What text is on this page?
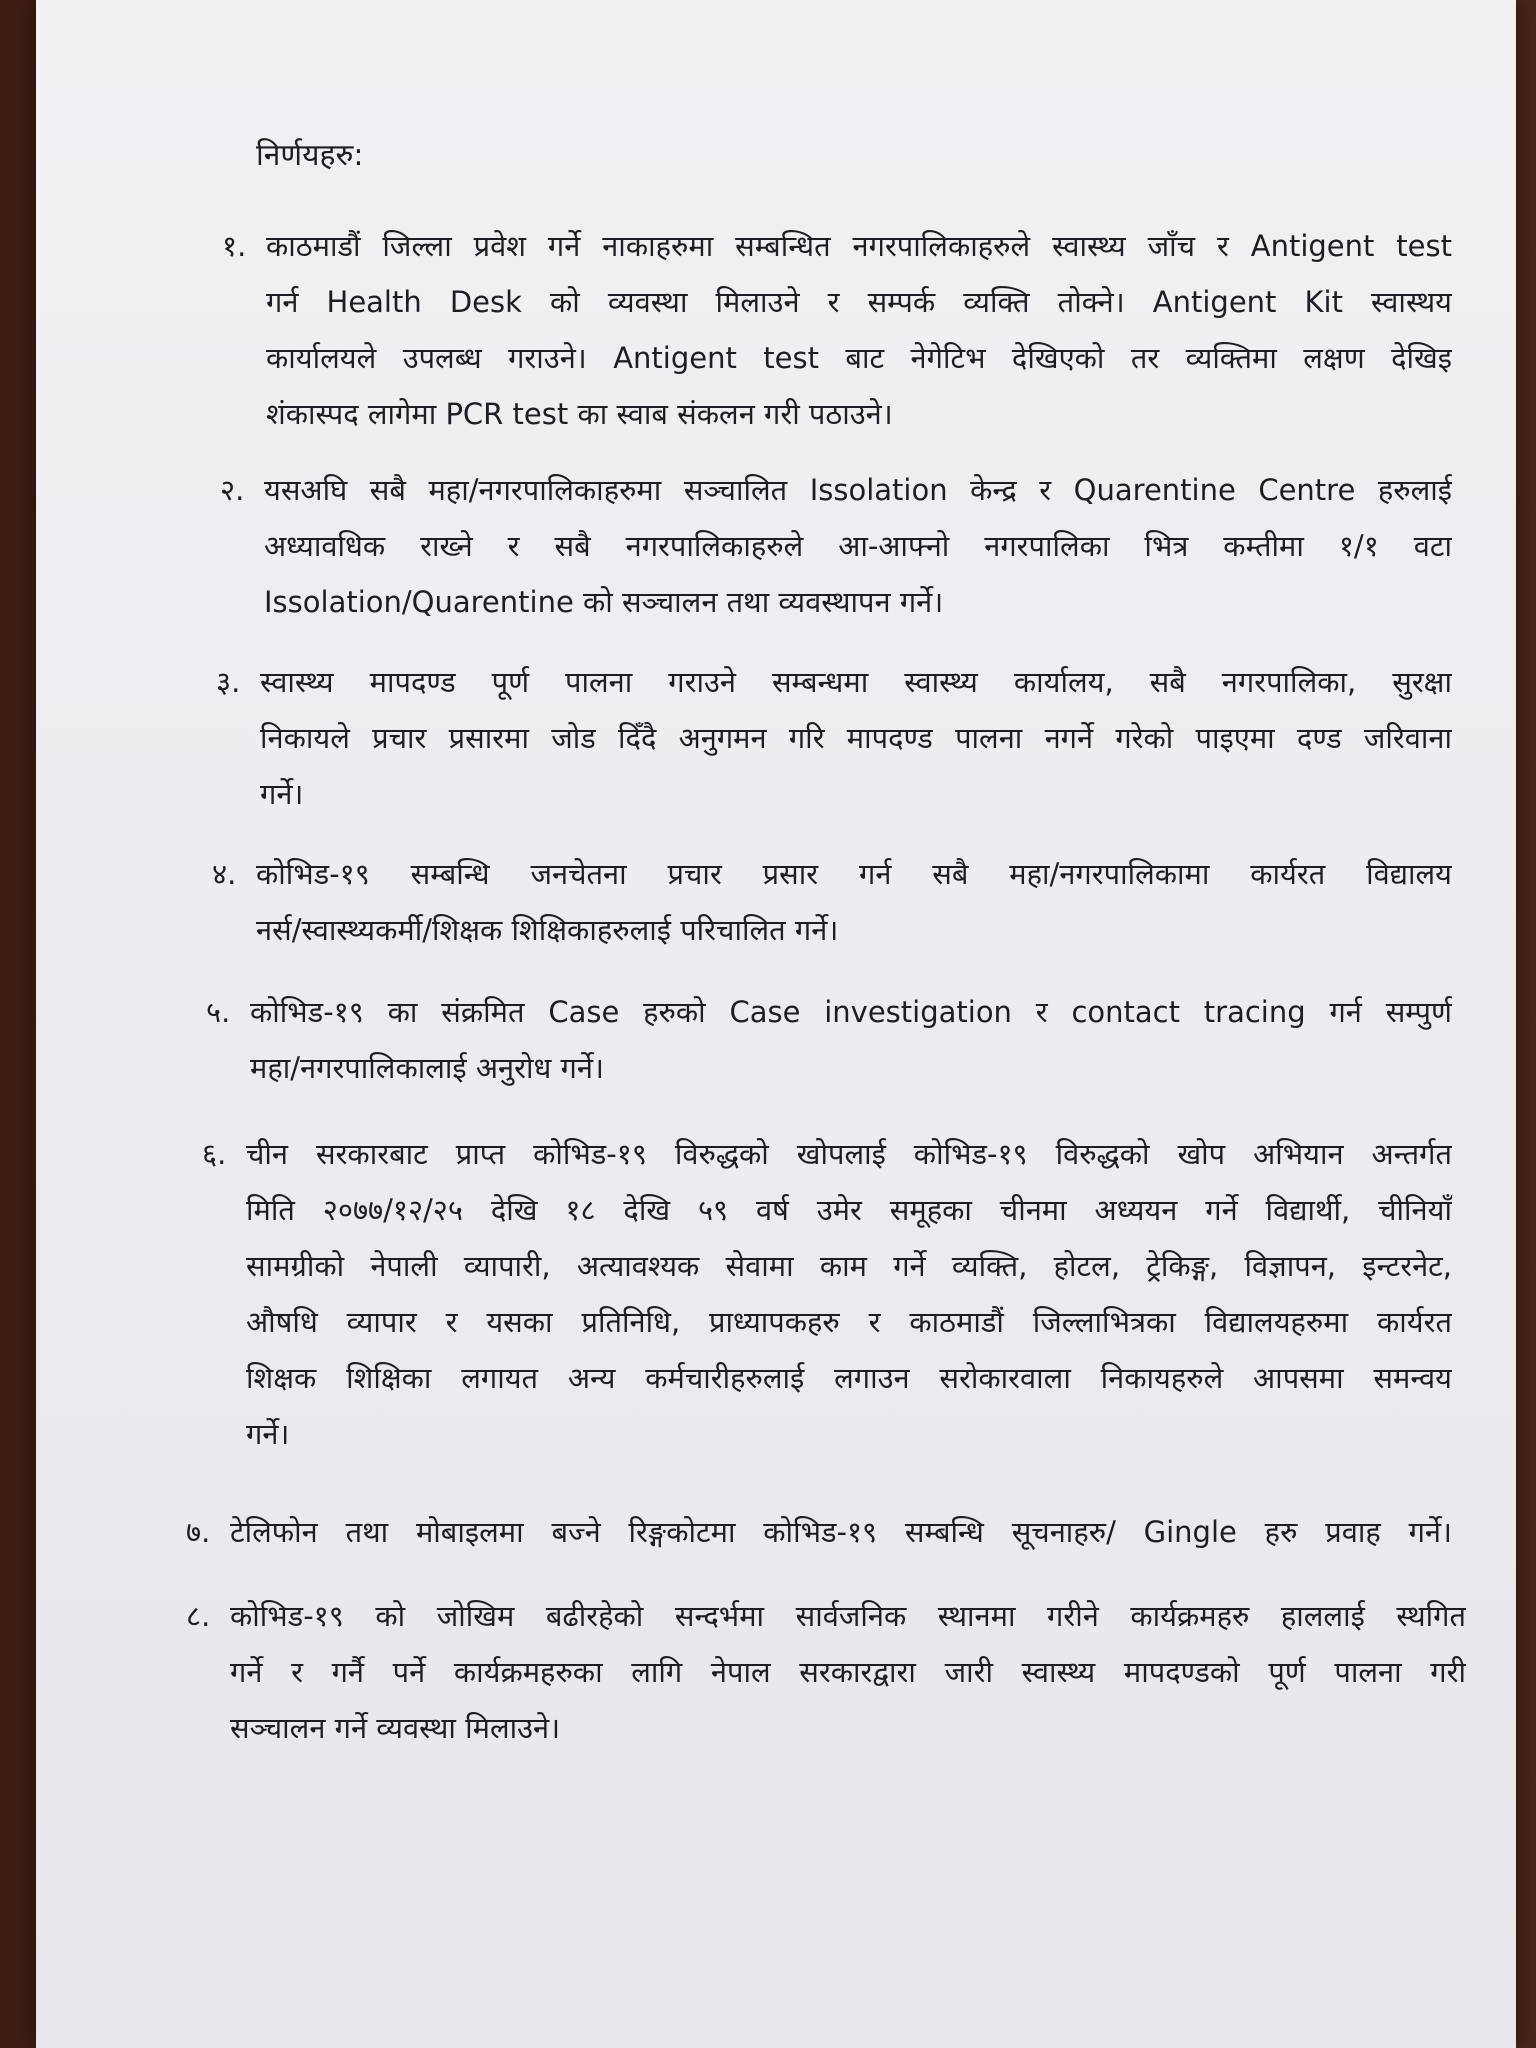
निर्णयहरु:
१. काठमाडौं जिल्ला प्रवेश गर्ने नाकाहरुमा सम्बन्धित नगरपालिकाहरुले स्वास्थ्य जाँच र Antigent test

गर्न Health Desk को व्यवस्था मिलाउने र सम्पर्क व्यक्ति तोक्ने। Antigent Kit स्वास्थय

कार्यालयले उपलब्ध गराउने। Antigent test बाट नेगेटिभ देखिएको तर व्यक्तिमा लक्षण देखिइ

शंकास्पद लागेमा PCR test का स्वाब संकलन गरी पठाउने।

२. यसअघि सबै महा/नगरपालिकाहरुमा सञ्चालित Issolation केन्द्र र Quarentine Centre हरुलाई

अध्यावधिक राख्ने र सबै नगरपालिकाहरुले आ-आफ्नो नगरपालिका भित्र कम्तीमा १/१ वटा

Issolation/Quarentine को सञ्चालन तथा व्यवस्थापन गर्ने।

३. स्वास्थ्य मापदण्ड पूर्ण पालना गराउने सम्बन्धमा स्वास्थ्य कार्यालय, सबै नगरपालिका, सुरक्षा

निकायले प्रचार प्रसारमा जोड दिँदै अनुगमन गरि मापदण्ड पालना नगर्ने गरेको पाइएमा दण्ड जरिवाना

गर्ने।

४. कोभिड-१९ सम्बन्धि जनचेतना प्रचार प्रसार गर्न सबै महा/नगरपालिकामा कार्यरत विद्यालय

नर्स/स्वास्थ्यकर्मी/शिक्षक शिक्षिकाहरुलाई परिचालित गर्ने।

५. कोभिड-१९ का संक्रमित Case हरुको Case investigation र contact tracing गर्न सम्पुर्ण

महा/नगरपालिकालाई अनुरोध गर्ने।

६. चीन सरकारबाट प्राप्त कोभिड-१९ विरुद्धको खोपलाई कोभिड-१९ विरुद्धको खोप अभियान अन्तर्गत

मिति २०७७/१२/२५ देखि १८ देखि ५९ वर्ष उमेर समूहका चीनमा अध्ययन गर्ने विद्यार्थी, चीनियाँ

सामग्रीको नेपाली व्यापारी, अत्यावश्यक सेवामा काम गर्ने व्यक्ति, होटल, ट्रेकिङ्ग, विज्ञापन, इन्टरनेट,

औषधि व्यापार र यसका प्रतिनिधि, प्राध्यापकहरु र काठमाडौं जिल्लाभित्रका विद्यालयहरुमा कार्यरत

शिक्षक शिक्षिका लगायत अन्य कर्मचारीहरुलाई लगाउन सरोकारवाला निकायहरुले आपसमा समन्वय

गर्ने।

७. टेलिफोन तथा मोबाइलमा बज्ने रिङ्गकोटमा कोभिड-१९ सम्बन्धि सूचनाहरु/ Gingle हरु प्रवाह गर्ने।

८. कोभिड-१९ को जोखिम बढीरहेको सन्दर्भमा सार्वजनिक स्थानमा गरीने कार्यक्रमहरु हाललाई स्थगित

गर्ने र गर्नै पर्ने कार्यक्रमहरुका लागि नेपाल सरकारद्वारा जारी स्वास्थ्य मापदण्डको पूर्ण पालना गरी

सञ्चालन गर्ने व्यवस्था मिलाउने।
